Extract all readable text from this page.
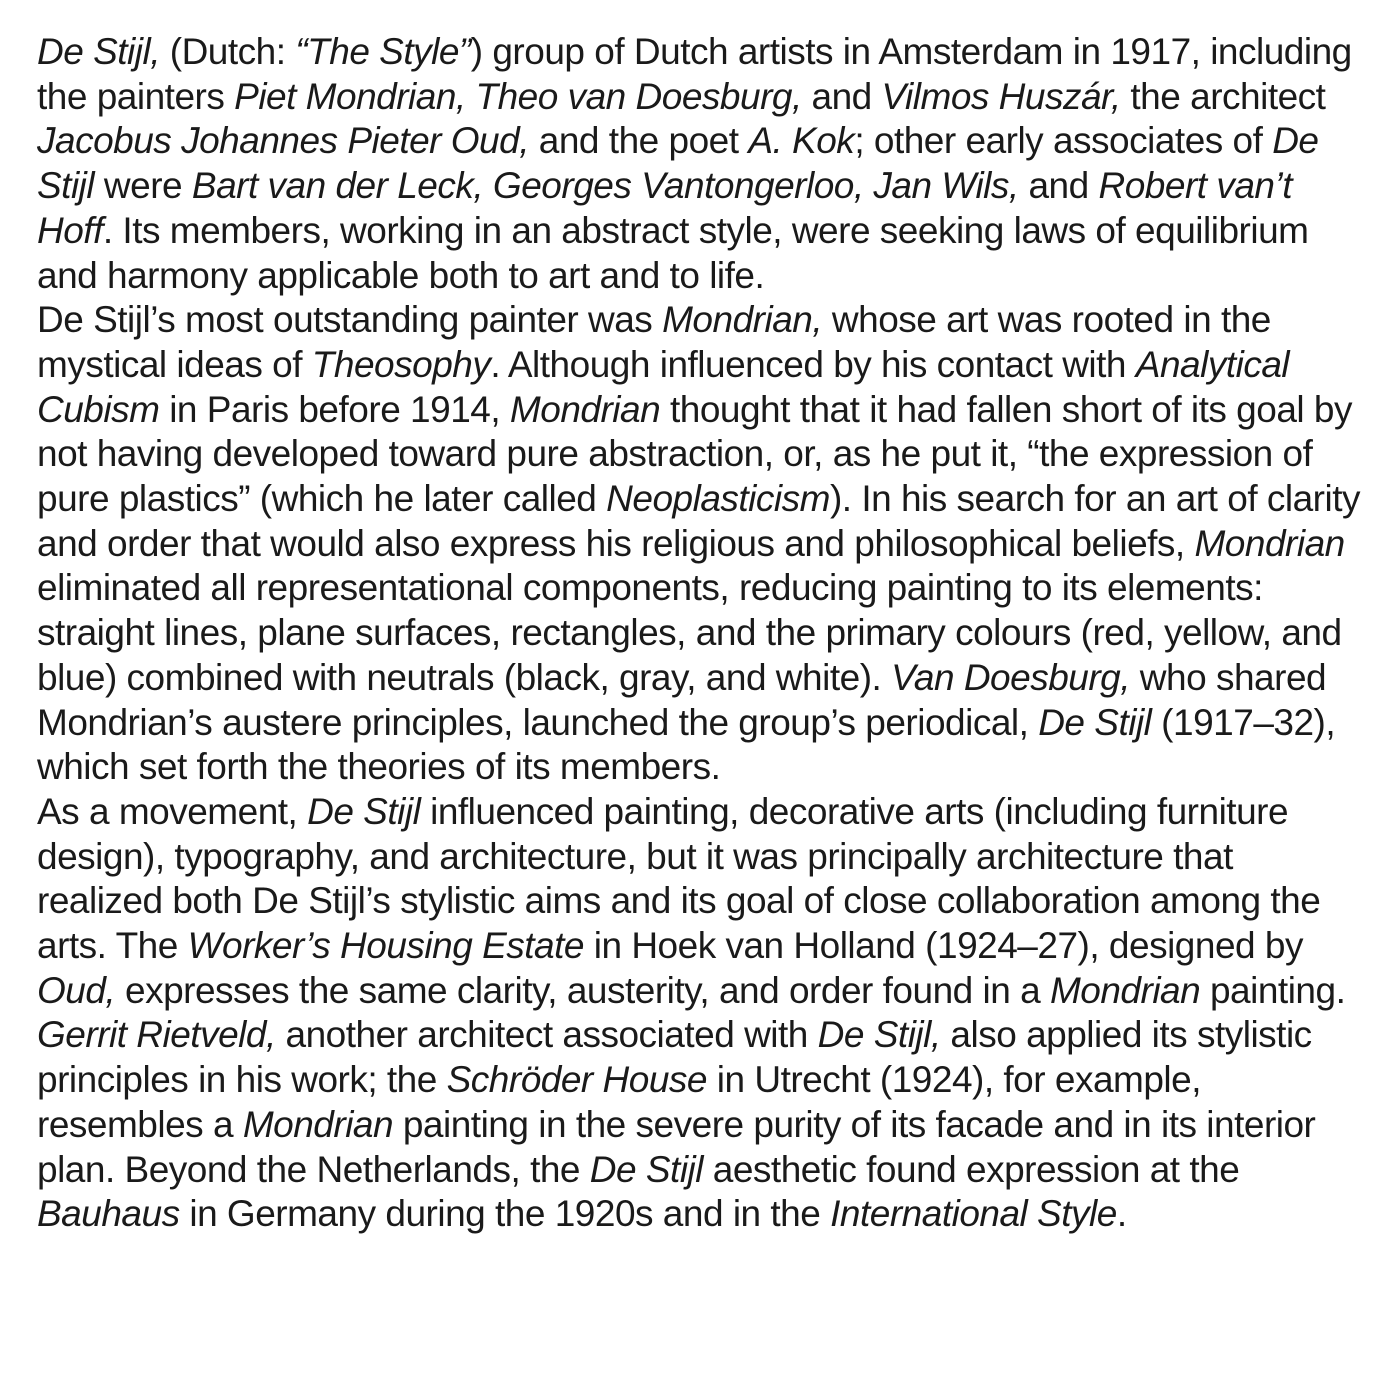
De Stijl, (Dutch: “The Style”) group of Dutch artists in Amsterdam in 1917, including the painters Piet Mondrian, Theo van Doesburg, and Vilmos Huszár, the architect Jacobus Johannes Pieter Oud, and the poet A. Kok; other early associates of De Stijl were Bart van der Leck, Georges Vantongerloo, Jan Wils, and Robert van’t Hoff. Its members, working in an abstract style, were seeking laws of equilibrium and harmony applicable both to art and to life.

De Stijl’s most outstanding painter was Mondrian, whose art was rooted in the mystical ideas of Theosophy. Although influenced by his contact with Analytical Cubism in Paris before 1914, Mondrian thought that it had fallen short of its goal by not having developed toward pure abstraction, or, as he put it, “the expression of pure plastics” (which he later called Neoplasticism). In his search for an art of clarity and order that would also express his religious and philosophical beliefs, Mondrian eliminated all representational components, reducing painting to its elements: straight lines, plane surfaces, rectangles, and the primary colours (red, yellow, and blue) combined with neutrals (black, gray, and white). Van Doesburg, who shared Mondrian’s austere principles, launched the group’s periodical, De Stijl (1917–32), which set forth the theories of its members.

As a movement, De Stijl influenced painting, decorative arts (including furniture design), typography, and architecture, but it was principally architecture that realized both De Stijl’s stylistic aims and its goal of close collaboration among the arts. The Worker’s Housing Estate in Hoek van Holland (1924–27), designed by Oud, expresses the same clarity, austerity, and order found in a Mondrian painting. Gerrit Rietveld, another architect associated with De Stijl, also applied its stylistic principles in his work; the Schröder House in Utrecht (1924), for example, resembles a Mondrian painting in the severe purity of its facade and in its interior plan. Beyond the Netherlands, the De Stijl aesthetic found expression at the Bauhaus in Germany during the 1920s and in the International Style.
